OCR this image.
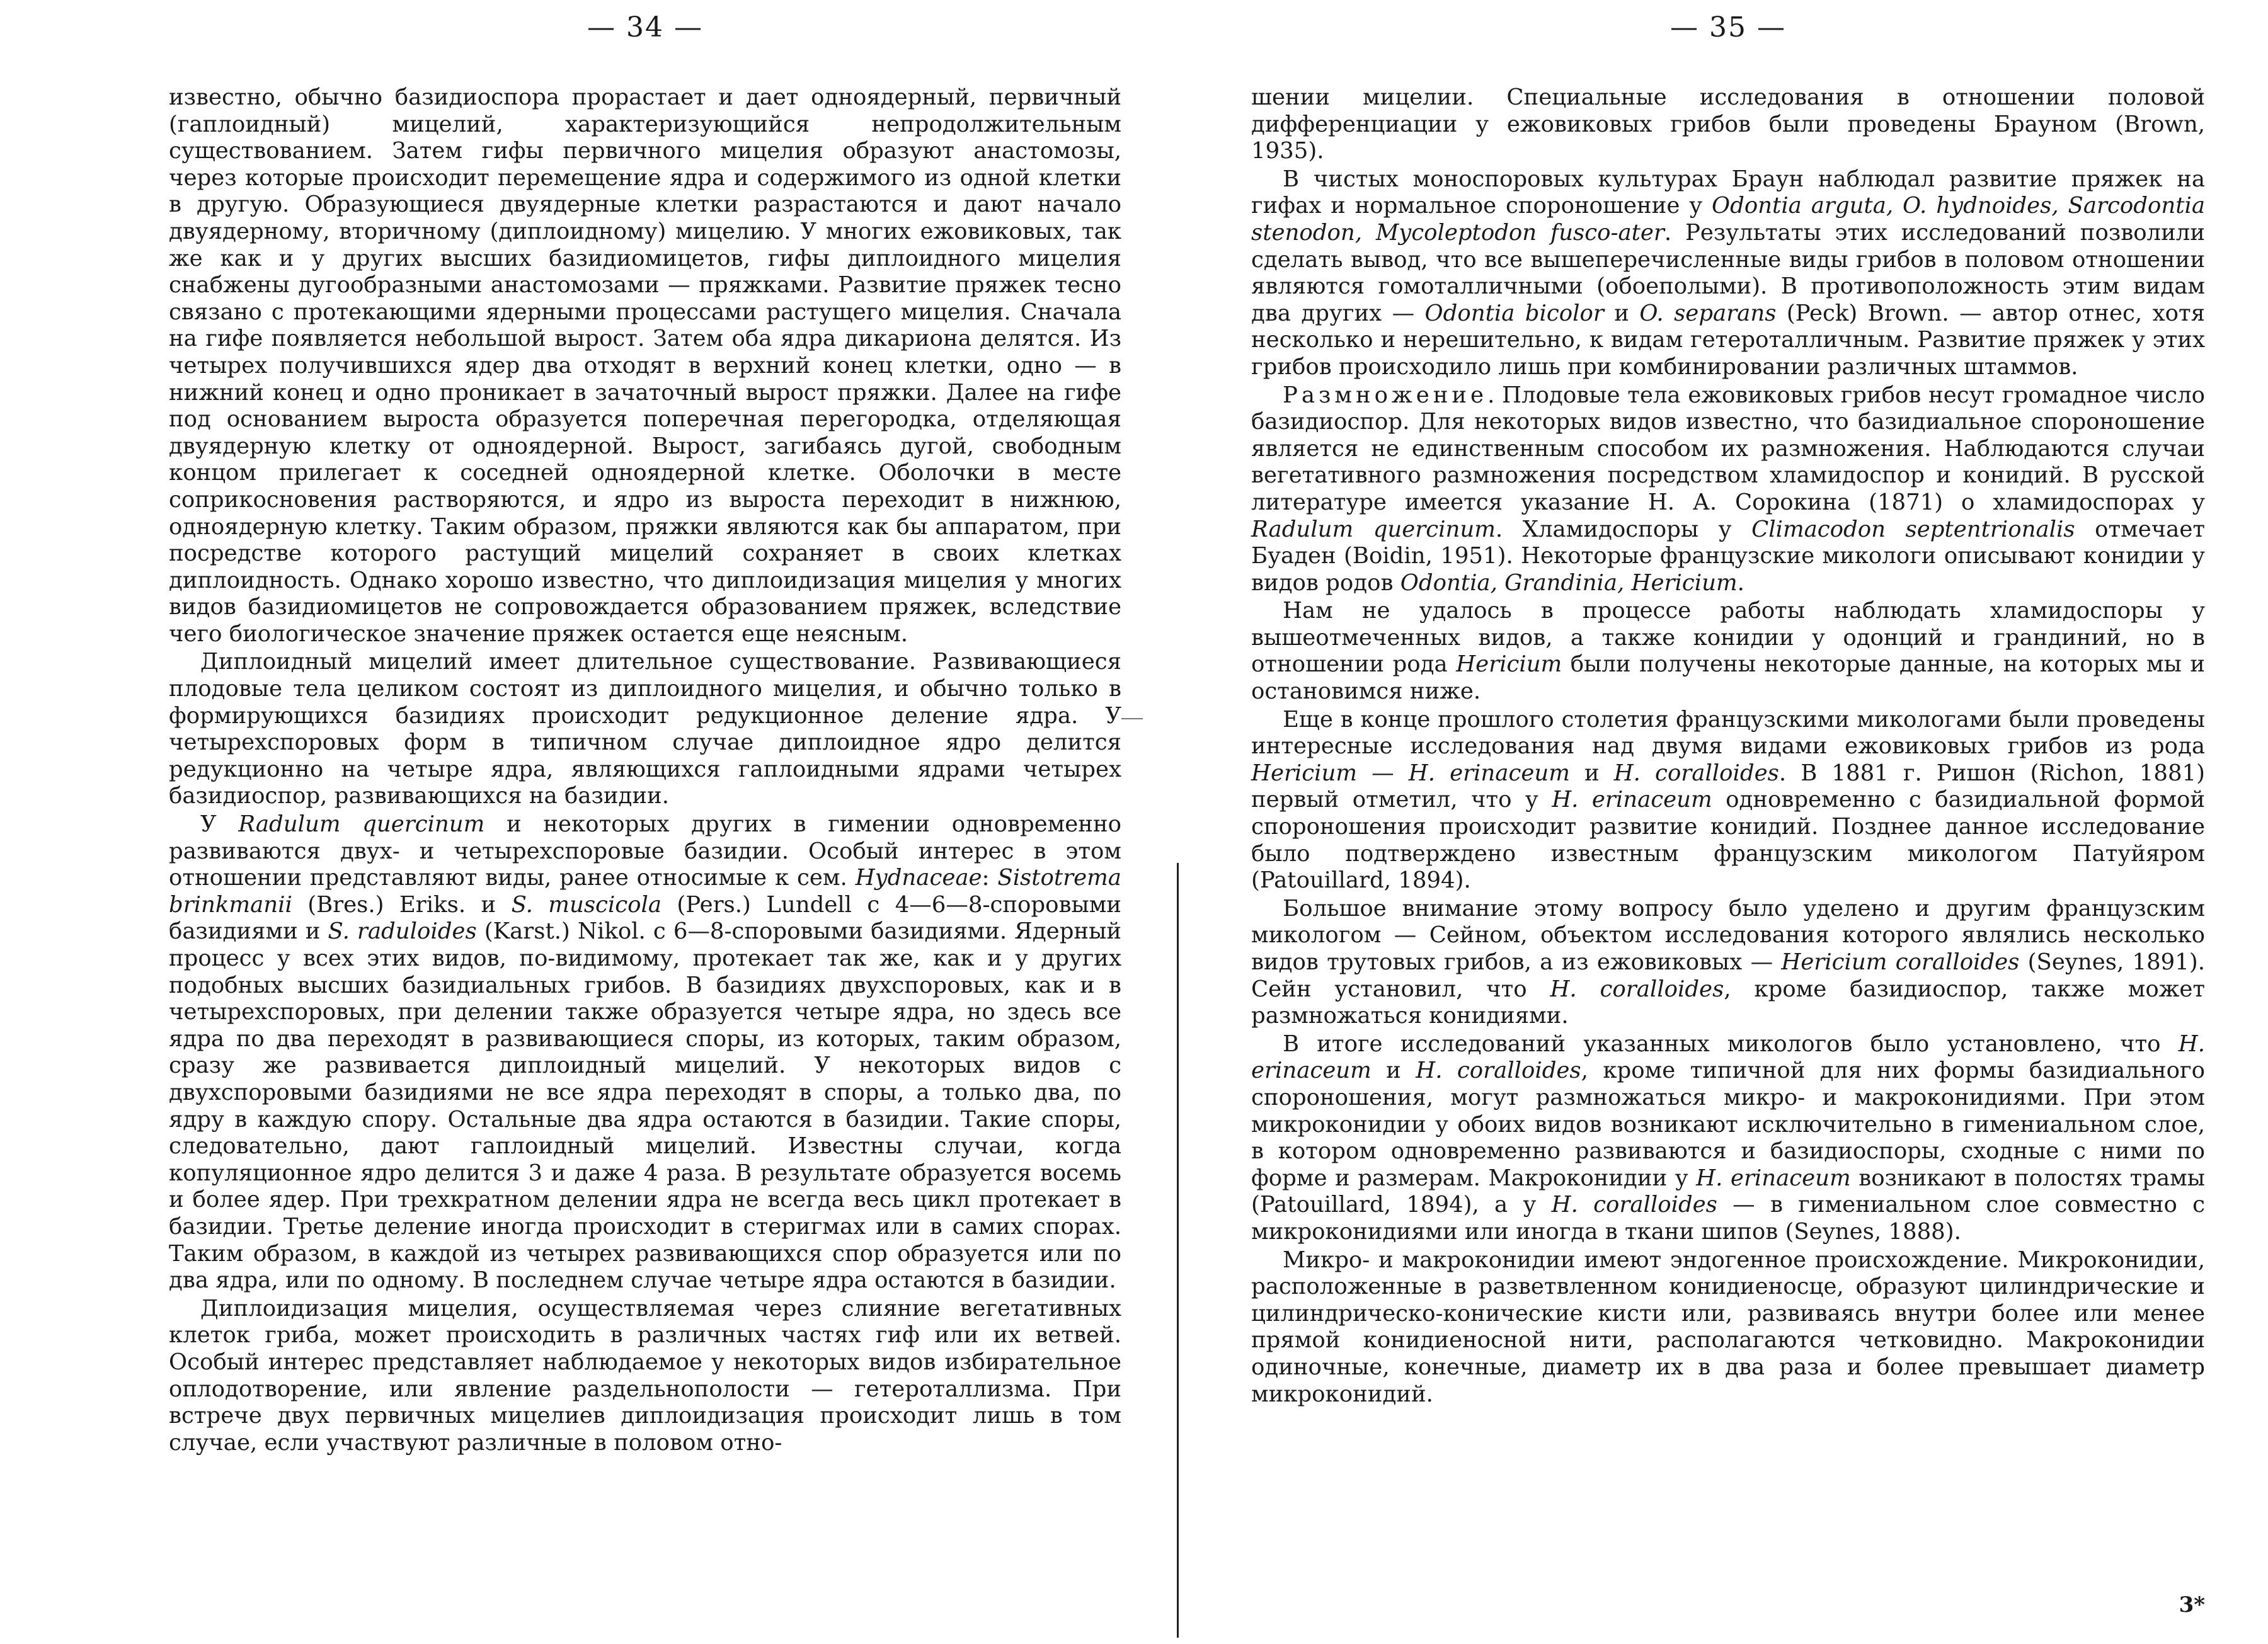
— 34 —

известно, обычно базидиоспора прорастает и дает одноядерный, первичный (гаплоидный) мицелий, характеризующийся непродолжительным существованием. Затем гифы первичного мицелия образуют анастомозы, через которые происходит перемещение ядра и содержимого из одной клетки в другую. Образующиеся двуядерные клетки разрастаются и дают начало двуядерному, вторичному (диплоидному) мицелию. У многих ежовиковых, так же как и у других высших базидиомицетов, гифы диплоидного мицелия снабжены дугообразными анастомозами — пряжками. Развитие пряжек тесно связано с протекающими ядерными процессами растущего мицелия. Сначала на гифе появляется небольшой вырост. Затем оба ядра дикариона делятся. Из четырех получившихся ядер два отходят в верхний конец клетки, одно — в нижний конец и одно проникает в зачаточный вырост пряжки. Далее на гифе под основанием выроста образуется поперечная перегородка, отделяющая двуядерную клетку от одноядерной. Вырост, загибаясь дугой, свободным концом прилегает к соседней одноядерной клетке. Оболочки в месте соприкосновения растворяются, и ядро из выроста переходит в нижнюю, одноядерную клетку. Таким образом, пряжки являются как бы аппаратом, при посредстве которого растущий мицелий сохраняет в своих клетках диплоидность. Однако хорошо известно, что диплоидизация мицелия у многих видов базидиомицетов не сопровождается образованием пряжек, вследствие чего биологическое значение пряжек остается еще неясным.

Диплоидный мицелий имеет длительное существование. Развивающиеся плодовые тела целиком состоят из диплоидного мицелия, и обычно только в формирующихся базидиях происходит редукционное деление ядра. У четырехспоровых форм в типичном случае диплоидное ядро делится редукционно на четыре ядра, являющихся гаплоидными ядрами четырех базидиоспор, развивающихся на базидии.

У Radulum quercinum и некоторых других в гимении одновременно развиваются двух- и четырехспоровые базидии. Особый интерес в этом отношении представляют виды, ранее относимые к сем. Hydnaceae: Sistotrema brinkmanii (Bres.) Eriks. и S. muscicola (Pers.) Lundell с 4—6—8-споровыми базидиями и S. raduloides (Karst.) Nikol. с 6—8-споровыми базидиями. Ядерный процесс у всех этих видов, по-видимому, протекает так же, как и у других подобных высших базидиальных грибов. В базидиях двухспоровых, как и в четырехспоровых, при делении также образуется четыре ядра, но здесь все ядра по два переходят в развивающиеся споры, из которых, таким образом, сразу же развивается диплоидный мицелий. У некоторых видов с двухспоровыми базидиями не все ядра переходят в споры, а только два, по ядру в каждую спору. Остальные два ядра остаются в базидии. Такие споры, следовательно, дают гаплоидный мицелий. Известны случаи, когда копуляционное ядро делится 3 и даже 4 раза. В результате образуется восемь и более ядер. При трехкратном делении ядра не всегда весь цикл протекает в базидии. Третье деление иногда происходит в стеригмах или в самих спорах. Таким образом, в каждой из четырех развивающихся спор образуется или по два ядра, или по одному. В последнем случае четыре ядра остаются в базидии.

Диплоидизация мицелия, осуществляемая через слияние вегетативных клеток гриба, может происходить в различных частях гиф или их ветвей. Особый интерес представляет наблюдаемое у некоторых видов избирательное оплодотворение, или явление раздельнополости — гетероталлизма. При встрече двух первичных мицелиев диплоидизация происходит лишь в том случае, если участвуют различные в половом отно-

— 35 —

шении мицелии. Специальные исследования в отношении половой дифференциации у ежовиковых грибов были проведены Брауном (Brown, 1935).

В чистых моноспоровых культурах Браун наблюдал развитие пряжек на гифах и нормальное спороношение у Odontia arguta, O. hydnoides, Sarcodontia stenodon, Mycoleptodon fusco-ater. Результаты этих исследований позволили сделать вывод, что все вышеперечисленные виды грибов в половом отношении являются гомоталличными (обоеполыми). В противоположность этим видам два других — Odontia bicolor и O. separans (Peck) Brown. — автор отнес, хотя несколько и нерешительно, к видам гетероталличным. Развитие пряжек у этих грибов происходило лишь при комбинировании различных штаммов.

Размножение. Плодовые тела ежовиковых грибов несут громадное число базидиоспор. Для некоторых видов известно, что базидиальное спороношение является не единственным способом их размножения. Наблюдаются случаи вегетативного размножения посредством хламидоспор и конидий. В русской литературе имеется указание Н. А. Сорокина (1871) о хламидоспорах у Radulum quercinum. Хламидоспоры у Climacodon septentrionalis отмечает Буаден (Boidin, 1951). Некоторые французские микологи описывают конидии у видов родов Odontia, Grandinia, Hericium.

Нам не удалось в процессе работы наблюдать хламидоспоры у вышеотмеченных видов, а также конидии у одонций и грандиний, но в отношении рода Hericium были получены некоторые данные, на которых мы и остановимся ниже.

Еще в конце прошлого столетия французскими микологами были проведены интересные исследования над двумя видами ежовиковых грибов из рода Hericium — H. erinaceum и H. coralloides. В 1881 г. Ришон (Richon, 1881) первый отметил, что у H. erinaceum одновременно с базидиальной формой спороношения происходит развитие конидий. Позднее данное исследование было подтверждено известным французским микологом Патуйяром (Patouillard, 1894).

Большое внимание этому вопросу было уделено и другим французским микологом — Сейном, объектом исследования которого являлись несколько видов трутовых грибов, а из ежовиковых — Hericium coralloides (Seynes, 1891). Сейн установил, что H. coralloides, кроме базидиоспор, также может размножаться конидиями.

В итоге исследований указанных микологов было установлено, что H. erinaceum и H. coralloides, кроме типичной для них формы базидиального спороношения, могут размножаться микро- и макроконидиями. При этом микроконидии у обоих видов возникают исключительно в гимениальном слое, в котором одновременно развиваются и базидиоспоры, сходные с ними по форме и размерам. Макроконидии у H. erinaceum возникают в полостях трамы (Patouillard, 1894), а у H. coralloides — в гимениальном слое совместно с микроконидиями или иногда в ткани шипов (Seynes, 1888).

Микро- и макроконидии имеют эндогенное происхождение. Микроконидии, расположенные в разветвленном конидиеносце, образуют цилиндрические и цилиндрическо-конические кисти или, развиваясь внутри более или менее прямой конидиеносной нити, располагаются четковидно. Макроконидии одиночные, конечные, диаметр их в два раза и более превышает диаметр микроконидий.

3*
